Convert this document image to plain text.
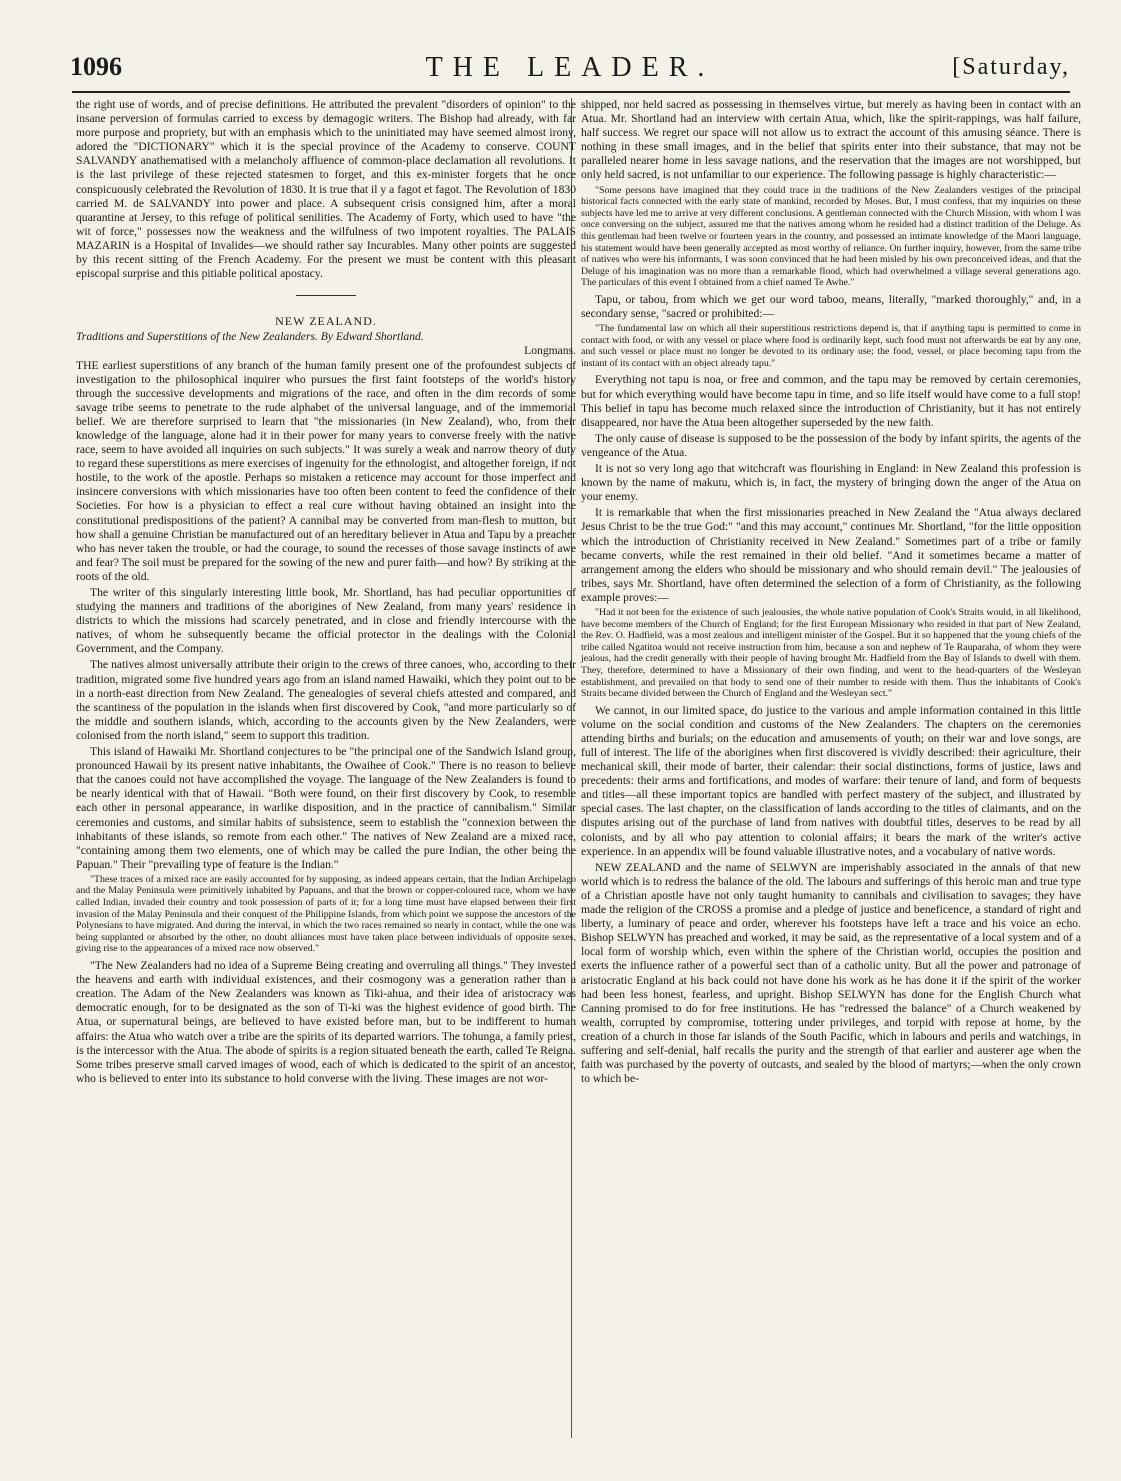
1096	THE LEADER.	[Saturday,

the right use of words, and of precise definitions. He attributed the prevalent "disorders of opinion" to the insane perversion of formulas carried to excess by demagogic writers. The Bishop had already, with far more purpose and propriety, but with an emphasis which to the uninitiated may have seemed almost irony, adored the "DICTIONARY" which it is the special province of the Academy to conserve. COUNT SALVANDY anathematised with a melancholy affluence of common-place declamation all revolutions. It is the last privilege of these rejected statesmen to forget, and this ex-minister forgets that he once conspicuously celebrated the Revolution of 1830. It is true that il y a fagot et fagot. The Revolution of 1830 carried M. de SALVANDY into power and place. A subsequent crisis consigned him, after a moral quarantine at Jersey, to this refuge of political senilities. The Academy of Forty, which used to have "the wit of force," possesses now the weakness and the wilfulness of two impotent royalties. The PALAIS MAZARIN is a Hospital of Invalides—we should rather say Incurables. Many other points are suggested by this recent sitting of the French Academy. For the present we must be content with this pleasant episcopal surprise and this pitiable political apostacy.

NEW ZEALAND.
Traditions and Superstitions of the New Zealanders. By Edward Shortland.
Longmans.

THE earliest superstitions of any branch of the human family present one of the profoundest subjects of investigation to the philosophical inquirer who pursues the first faint footsteps of the world's history through the successive developments and migrations of the race, and often in the dim records of some savage tribe seems to penetrate to the rude alphabet of the universal language, and of the immemorial belief. We are therefore surprised to learn that "the missionaries (in New Zealand), who, from their knowledge of the language, alone had it in their power for many years to converse freely with the native race, seem to have avoided all inquiries on such subjects." It was surely a weak and narrow theory of duty to regard these superstitions as mere exercises of ingenuity for the ethnologist, and altogether foreign, if not hostile, to the work of the apostle. Perhaps so mistaken a reticence may account for those imperfect and insincere conversions with which missionaries have too often been content to feed the confidence of their Societies. For how is a physician to effect a real cure without having obtained an insight into the constitutional predispositions of the patient? A cannibal may be converted from man-flesh to mutton, but how shall a genuine Christian be manufactured out of an hereditary believer in Atua and Tapu by a preacher who has never taken the trouble, or had the courage, to sound the recesses of those savage instincts of awe and fear? The soil must be prepared for the sowing of the new and purer faith—and how? By striking at the roots of the old.

The writer of this singularly interesting little book, Mr. Shortland, has had peculiar opportunities of studying the manners and traditions of the aborigines of New Zealand, from many years' residence in districts to which the missions had scarcely penetrated, and in close and friendly intercourse with the natives, of whom he subsequently became the official protector in the dealings with the Colonial Government, and the Company.

The natives almost universally attribute their origin to the crews of three canoes, who, according to their tradition, migrated some five hundred years ago from an island named Hawaiki, which they point out to be in a north-east direction from New Zealand. The genealogies of several chiefs attested and compared, and the scantiness of the population in the islands when first discovered by Cook, "and more particularly so of the middle and southern islands, which, according to the accounts given by the New Zealanders, were colonised from the north island," seem to support this tradition.

This island of Hawaiki Mr. Shortland conjectures to be "the principal one of the Sandwich Island group, pronounced Hawaii by its present native inhabitants, the Owaihee of Cook." There is no reason to believe that the canoes could not have accomplished the voyage. The language of the New Zealanders is found to be nearly identical with that of Hawaii. "Both were found, on their first discovery by Cook, to resemble each other in personal appearance, in warlike disposition, and in the practice of cannibalism." Similar ceremonies and customs, and similar habits of subsistence, seem to establish the "connexion between the inhabitants of these islands, so remote from each other." The natives of New Zealand are a mixed race, "containing among them two elements, one of which may be called the pure Indian, the other being the Papuan." Their "prevailing type of feature is the Indian."

"These traces of a mixed race are easily accounted for by supposing, as indeed appears certain, that the Indian Archipelago and the Malay Peninsula were primitively inhabited by Papuans, and that the brown or copper-coloured race, whom we have called Indian, invaded their country and took possession of parts of it; for a long time must have elapsed between their first invasion of the Malay Peninsula and their conquest of the Philippine Islands, from which point we suppose the ancestors of the Polynesians to have migrated. And during the interval, in which the two races remained so nearly in contact, while the one was being supplanted or absorbed by the other, no doubt alliances must have taken place between individuals of opposite sexes, giving rise to the appearances of a mixed race now observed."

"The New Zealanders had no idea of a Supreme Being creating and overruling all things." They invested the heavens and earth with individual existences, and their cosmogony was a generation rather than a creation. The Adam of the New Zealanders was known as Tiki-ahua, and their idea of aristocracy was democratic enough, for to be designated as the son of Ti-ki was the highest evidence of good birth. The Atua, or supernatural beings, are believed to have existed before man, but to be indifferent to human affairs: the Atua who watch over a tribe are the spirits of its departed warriors. The tohunga, a family priest, is the intercessor with the Atua. The abode of spirits is a region situated beneath the earth, called Te Reigna. Some tribes preserve small carved images of wood, each of which is dedicated to the spirit of an ancestor, who is believed to enter into its substance to hold converse with the living. These images are not wor-

shipped, nor held sacred as possessing in themselves virtue, but merely as having been in contact with an Atua. Mr. Shortland had an interview with certain Atua, which, like the spirit-rappings, was half failure, half success. We regret our space will not allow us to extract the account of this amusing séance. There is nothing in these small images, and in the belief that spirits enter into their substance, that may not be paralleled nearer home in less savage nations, and the reservation that the images are not worshipped, but only held sacred, is not unfamiliar to our experience. The following passage is highly characteristic:—

"Some persons have imagined that they could trace in the traditions of the New Zealanders vestiges of the principal historical facts connected with the early state of mankind, recorded by Moses. But, I must confess, that my inquiries on these subjects have led me to arrive at very different conclusions. A gentleman connected with the Church Mission, with whom I was once conversing on the subject, assured me that the natives among whom he resided had a distinct tradition of the Deluge. As this gentleman had been twelve or fourteen years in the country, and possessed an intimate knowledge of the Maori language, his statement would have been generally accepted as most worthy of reliance. On further inquiry, however, from the same tribe of natives who were his informants, I was soon convinced that he had been misled by his own preconceived ideas, and that the Deluge of his imagination was no more than a remarkable flood, which had overwhelmed a village several generations ago. The particulars of this event I obtained from a chief named Te Awhe."

Tapu, or tabou, from which we get our word taboo, means, literally, "marked thoroughly," and, in a secondary sense, "sacred or prohibited:—

"The fundamental law on which all their superstitious restrictions depend is, that if anything tapu is permitted to come in contact with food, or with any vessel or place where food is ordinarily kept, such food must not afterwards be eat by any one, and such vessel or place must no longer be devoted to its ordinary use; the food, vessel, or place becoming tapu from the instant of its contact with an object already tapu."

Everything not tapu is noa, or free and common, and the tapu may be removed by certain ceremonies, but for which everything would have become tapu in time, and so life itself would have come to a full stop! This belief in tapu has become much relaxed since the introduction of Christianity, but it has not entirely disappeared, nor have the Atua been altogether superseded by the new faith.

The only cause of disease is supposed to be the possession of the body by infant spirits, the agents of the vengeance of the Atua.

It is not so very long ago that witchcraft was flourishing in England: in New Zealand this profession is known by the name of makutu, which is, in fact, the mystery of bringing down the anger of the Atua on your enemy.

It is remarkable that when the first missionaries preached in New Zealand the "Atua always declared Jesus Christ to be the true God:" "and this may account," continues Mr. Shortland, "for the little opposition which the introduction of Christianity received in New Zealand." Sometimes part of a tribe or family became converts, while the rest remained in their old belief. "And it sometimes became a matter of arrangement among the elders who should be missionary and who should remain devil." The jealousies of tribes, says Mr. Shortland, have often determined the selection of a form of Christianity, as the following example proves:—

"Had it not been for the existence of such jealousies, the whole native population of Cook's Straits would, in all likelihood, have become members of the Church of England; for the first European Missionary who resided in that part of New Zealand, the Rev. O. Hadfield, was a most zealous and intelligent minister of the Gospel. But it so happened that the young chiefs of the tribe called Ngatitoa would not receive instruction from him, because a son and nephew of Te Rauparaha, of whom they were jealous, had the credit generally with their people of having brought Mr. Hadfield from the Bay of Islands to dwell with them. They, therefore, determined to have a Missionary of their own finding, and went to the head-quarters of the Wesleyan establishment, and prevailed on that body to send one of their number to reside with them. Thus the inhabitants of Cook's Straits became divided between the Church of England and the Wesleyan sect."

We cannot, in our limited space, do justice to the various and ample information contained in this little volume on the social condition and customs of the New Zealanders. The chapters on the ceremonies attending births and burials; on the education and amusements of youth; on their war and love songs, are full of interest. The life of the aborigines when first discovered is vividly described: their agriculture, their mechanical skill, their mode of barter, their calendar: their social distinctions, forms of justice, laws and precedents: their arms and fortifications, and modes of warfare: their tenure of land, and form of bequests and titles—all these important topics are handled with perfect mastery of the subject, and illustrated by special cases. The last chapter, on the classification of lands according to the titles of claimants, and on the disputes arising out of the purchase of land from natives with doubtful titles, deserves to be read by all colonists, and by all who pay attention to colonial affairs; it bears the mark of the writer's active experience. In an appendix will be found valuable illustrative notes, and a vocabulary of native words.

NEW ZEALAND and the name of SELWYN are imperishably associated in the annals of that new world which is to redress the balance of the old. The labours and sufferings of this heroic man and true type of a Christian apostle have not only taught humanity to cannibals and civilisation to savages; they have made the religion of the CROSS a promise and a pledge of justice and beneficence, a standard of right and liberty, a luminary of peace and order, wherever his footsteps have left a trace and his voice an echo. Bishop SELWYN has preached and worked, it may be said, as the representative of a local system and of a local form of worship which, even within the sphere of the Christian world, occupies the position and exerts the influence rather of a powerful sect than of a catholic unity. But all the power and patronage of aristocratic England at his back could not have done his work as he has done it if the spirit of the worker had been less honest, fearless, and upright. Bishop SELWYN has done for the English Church what Canning promised to do for free institutions. He has "redressed the balance" of a Church weakened by wealth, corrupted by compromise, tottering under privileges, and torpid with repose at home, by the creation of a church in those far islands of the South Pacific, which in labours and perils and watchings, in suffering and self-denial, half recalls the purity and the strength of that earlier and austerer age when the faith was purchased by the poverty of outcasts, and sealed by the blood of martyrs;—when the only crown to which be-
